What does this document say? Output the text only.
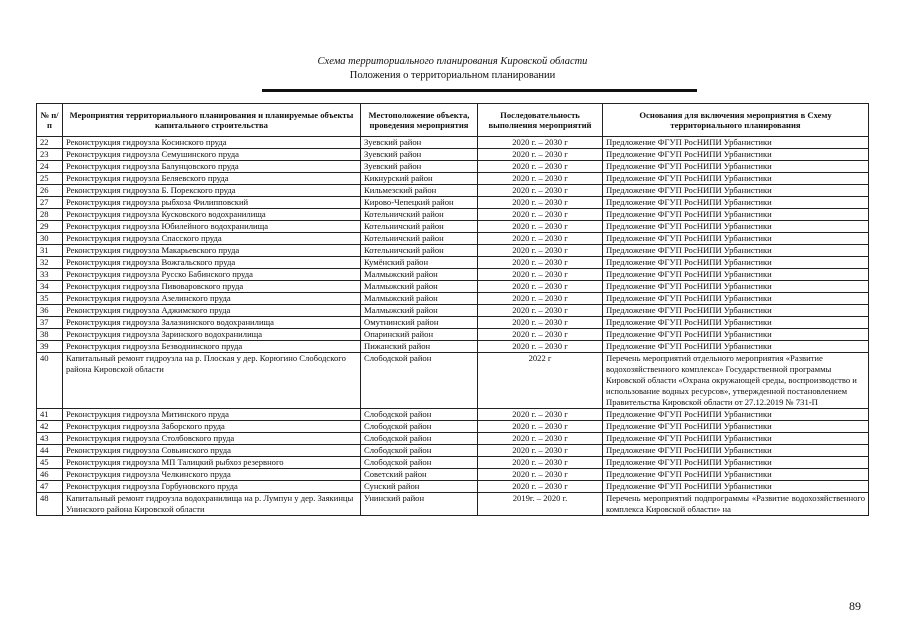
Схема территориального планирования Кировской области
Положения о территориальном планировании
№ п/п	Мероприятия территориального планирования и планируемые объекты капитального строительства	Местоположение объекта, проведения мероприятия	Последовательность выполнения мероприятий	Основания для включения мероприятия в Схему территориального планирования
22	Реконструкция гидроузла Косинского пруда	Зуевский район	2020 г. – 2030 г	Предложение ФГУП РосНИПИ Урбанистики
23	Реконструкция гидроузла Семушинского пруда	Зуевский район	2020 г. – 2030 г	Предложение ФГУП РосНИПИ Урбанистики
24	Реконструкция гидроузла Балунцовского пруда	Зуевский район	2020 г. – 2030 г	Предложение ФГУП РосНИПИ Урбанистики
25	Реконструкция гидроузла Беляевского пруда	Кикнурский район	2020 г. – 2030 г	Предложение ФГУП РосНИПИ Урбанистики
26	Реконструкция гидроузла Б. Порекского пруда	Кильмезский район	2020 г. – 2030 г	Предложение ФГУП РосНИПИ Урбанистики
27	Реконструкция гидроузла рыбхоза Филипповский	Кирово-Чепецкий район	2020 г. – 2030 г	Предложение ФГУП РосНИПИ Урбанистики
28	Реконструкция гидроузла Кусковского водохранилища	Котельничский район	2020 г. – 2030 г	Предложение ФГУП РосНИПИ Урбанистики
29	Реконструкция гидроузла Юбилейного водохранилища	Котельничский район	2020 г. – 2030 г	Предложение ФГУП РосНИПИ Урбанистики
30	Реконструкция гидроузла Спасского пруда	Котельничский район	2020 г. – 2030 г	Предложение ФГУП РосНИПИ Урбанистики
31	Реконструкция гидроузла Макарьевского пруда	Котельничский район	2020 г. – 2030 г	Предложение ФГУП РосНИПИ Урбанистики
32	Реконструкция гидроузла Вожгальского пруда	Кумёнский район	2020 г. – 2030 г	Предложение ФГУП РосНИПИ Урбанистики
33	Реконструкция гидроузла Русско Бабинского пруда	Малмыжский район	2020 г. – 2030 г	Предложение ФГУП РосНИПИ Урбанистики
34	Реконструкция гидроузла Пивоваровского пруда	Малмыжский район	2020 г. – 2030 г	Предложение ФГУП РосНИПИ Урбанистики
35	Реконструкция гидроузла Азелинского пруда	Малмыжский район	2020 г. – 2030 г	Предложение ФГУП РосНИПИ Урбанистики
36	Реконструкция гидроузла Аджимского пруда	Малмыжский район	2020 г. – 2030 г	Предложение ФГУП РосНИПИ Урбанистики
37	Реконструкция гидроузла Залазнинского водохранилища	Омутнинский район	2020 г. – 2030 г	Предложение ФГУП РосНИПИ Урбанистики
38	Реконструкция гидроузла Заринского водохранилища	Опаринский район	2020 г. – 2030 г	Предложение ФГУП РосНИПИ Урбанистики
39	Реконструкция гидроузла Безводнинского пруда	Пижанский район	2020 г. – 2030 г	Предложение ФГУП РосНИПИ Урбанистики
40	Капитальный ремонт гидроузла на р. Плоская у дер. Корюгино Слободского района Кировской области	Слободской район	2022 г	Перечень мероприятий отдельного мероприятия «Развитие водохозяйственного комплекса» Государственной программы Кировской области «Охрана окружающей среды, воспроизводство и использование водных ресурсов», утвержденной постановлением Правительства Кировской области от 27.12.2019 № 731-П
41	Реконструкция гидроузла Митинского пруда	Слободской район	2020 г. – 2030 г	Предложение ФГУП РосНИПИ Урбанистики
42	Реконструкция гидроузла Заборского пруда	Слободской район	2020 г. – 2030 г	Предложение ФГУП РосНИПИ Урбанистики
43	Реконструкция гидроузла Столбовского пруда	Слободской район	2020 г. – 2030 г	Предложение ФГУП РосНИПИ Урбанистики
44	Реконструкция гидроузла Совьинского пруда	Слободской район	2020 г. – 2030 г	Предложение ФГУП РосНИПИ Урбанистики
45	Реконструкция гидроузла МП Талицкий рыбхоз резервного	Слободской район	2020 г. – 2030 г	Предложение ФГУП РосНИПИ Урбанистики
46	Реконструкция гидроузла Челкинского пруда	Советский район	2020 г. – 2030 г	Предложение ФГУП РосНИПИ Урбанистики
47	Реконструкция гидроузла Горбуновского пруда	Сунский район	2020 г. – 2030 г	Предложение ФГУП РосНИПИ Урбанистики
48	Капитальный ремонт гидроузла водохранилища на р. Лумпун у дер. Заякинцы Унинского района Кировской области	Унинский район	2019г. – 2020 г.	Перечень мероприятий подпрограммы «Развитие водохозяйственного комплекса Кировской области» на
89
